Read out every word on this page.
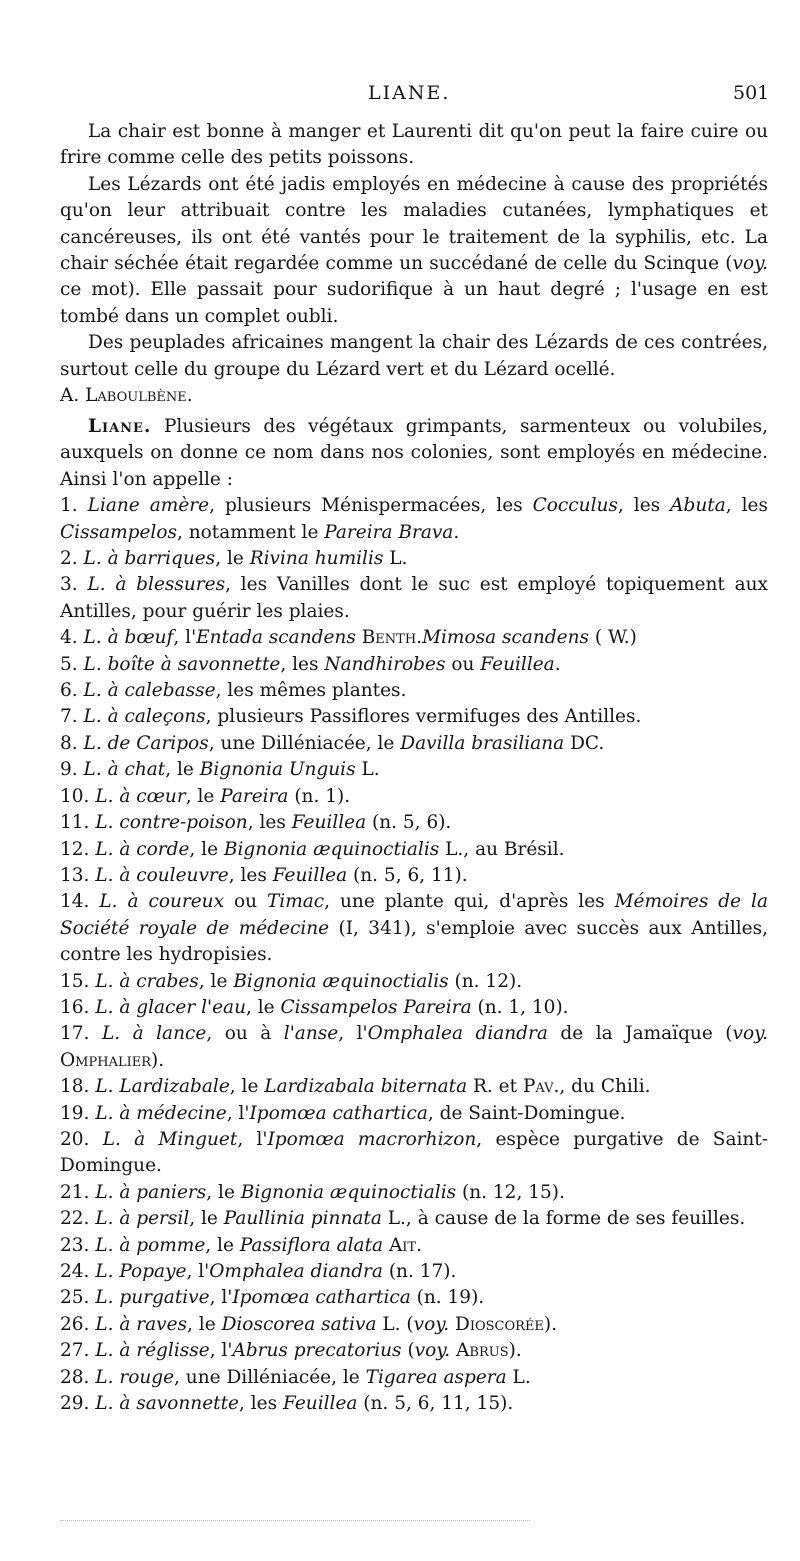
LIANE.	501

La chair est bonne à manger et Laurenti dit qu'on peut la faire cuire ou frire comme celle des petits poissons.

Les Lézards ont été jadis employés en médecine à cause des propriétés qu'on leur attribuait contre les maladies cutanées, lymphatiques et cancéreuses, ils ont été vantés pour le traitement de la syphilis, etc. La chair séchée était regardée comme un succédané de celle du Scinque (voy. ce mot). Elle passait pour sudorifique à un haut degré ; l'usage en est tombé dans un complet oubli.

Des peuplades africaines mangent la chair des Lézards de ces contrées, surtout celle du groupe du Lézard vert et du Lézard ocellé.

A. Laboulbène.

Liane. Plusieurs des végétaux grimpants, sarmenteux ou volubiles, auxquels on donne ce nom dans nos colonies, sont employés en médecine. Ainsi l'on appelle :

1. Liane amère, plusieurs Ménispermacées, les Cocculus, les Abuta, les Cissampelos, notamment le Pareira Brava.

2. L. à barriques, le Rivina humilis L.

3. L. à blessures, les Vanilles dont le suc est employé topiquement aux Antilles, pour guérir les plaies.

4. L. à bœuf, l'Entada scandens Benth.Mimosa scandens ( W.)

5. L. boîte à savonnette, les Nandhirobes ou Feuillea.

6. L. à calebasse, les mêmes plantes.

7. L. à caleçons, plusieurs Passiflores vermifuges des Antilles.

8. L. de Caripos, une Dilléniacée, le Davilla brasiliana DC.

9. L. à chat, le Bignonia Unguis L.

10. L. à cœur, le Pareira (n. 1).

11. L. contre-poison, les Feuillea (n. 5, 6).

12. L. à corde, le Bignonia æquinoctialis L., au Brésil.

13. L. à couleuvre, les Feuillea (n. 5, 6, 11).

14. L. à coureux ou Timac, une plante qui, d'après les Mémoires de la Société royale de médecine (I, 341), s'emploie avec succès aux Antilles, contre les hydropisies.

15. L. à crabes, le Bignonia æquinoctialis (n. 12).

16. L. à glacer l'eau, le Cissampelos Pareira (n. 1, 10).

17. L. à lance, ou à l'anse, l'Omphalea diandra de la Jamaïque (voy. Omphalier).

18. L. Lardizabale, le Lardizabala biternata R. et Pav., du Chili.

19. L. à médecine, l'Ipomœa cathartica, de Saint-Domingue.

20. L. à Minguet, l'Ipomœa macrorhizon, espèce purgative de Saint-Domingue.

21. L. à paniers, le Bignonia æquinoctialis (n. 12, 15).

22. L. à persil, le Paullinia pinnata L., à cause de la forme de ses feuilles.

23. L. à pomme, le Passiflora alata Ait.

24. L. Popaye, l'Omphalea diandra (n. 17).

25. L. purgative, l'Ipomœa cathartica (n. 19).

26. L. à raves, le Dioscorea sativa L. (voy. Dioscorée).

27. L. à réglisse, l'Abrus precatorius (voy. Abrus).

28. L. rouge, une Dilléniacée, le Tigarea aspera L.

29. L. à savonnette, les Feuillea (n. 5, 6, 11, 15).
